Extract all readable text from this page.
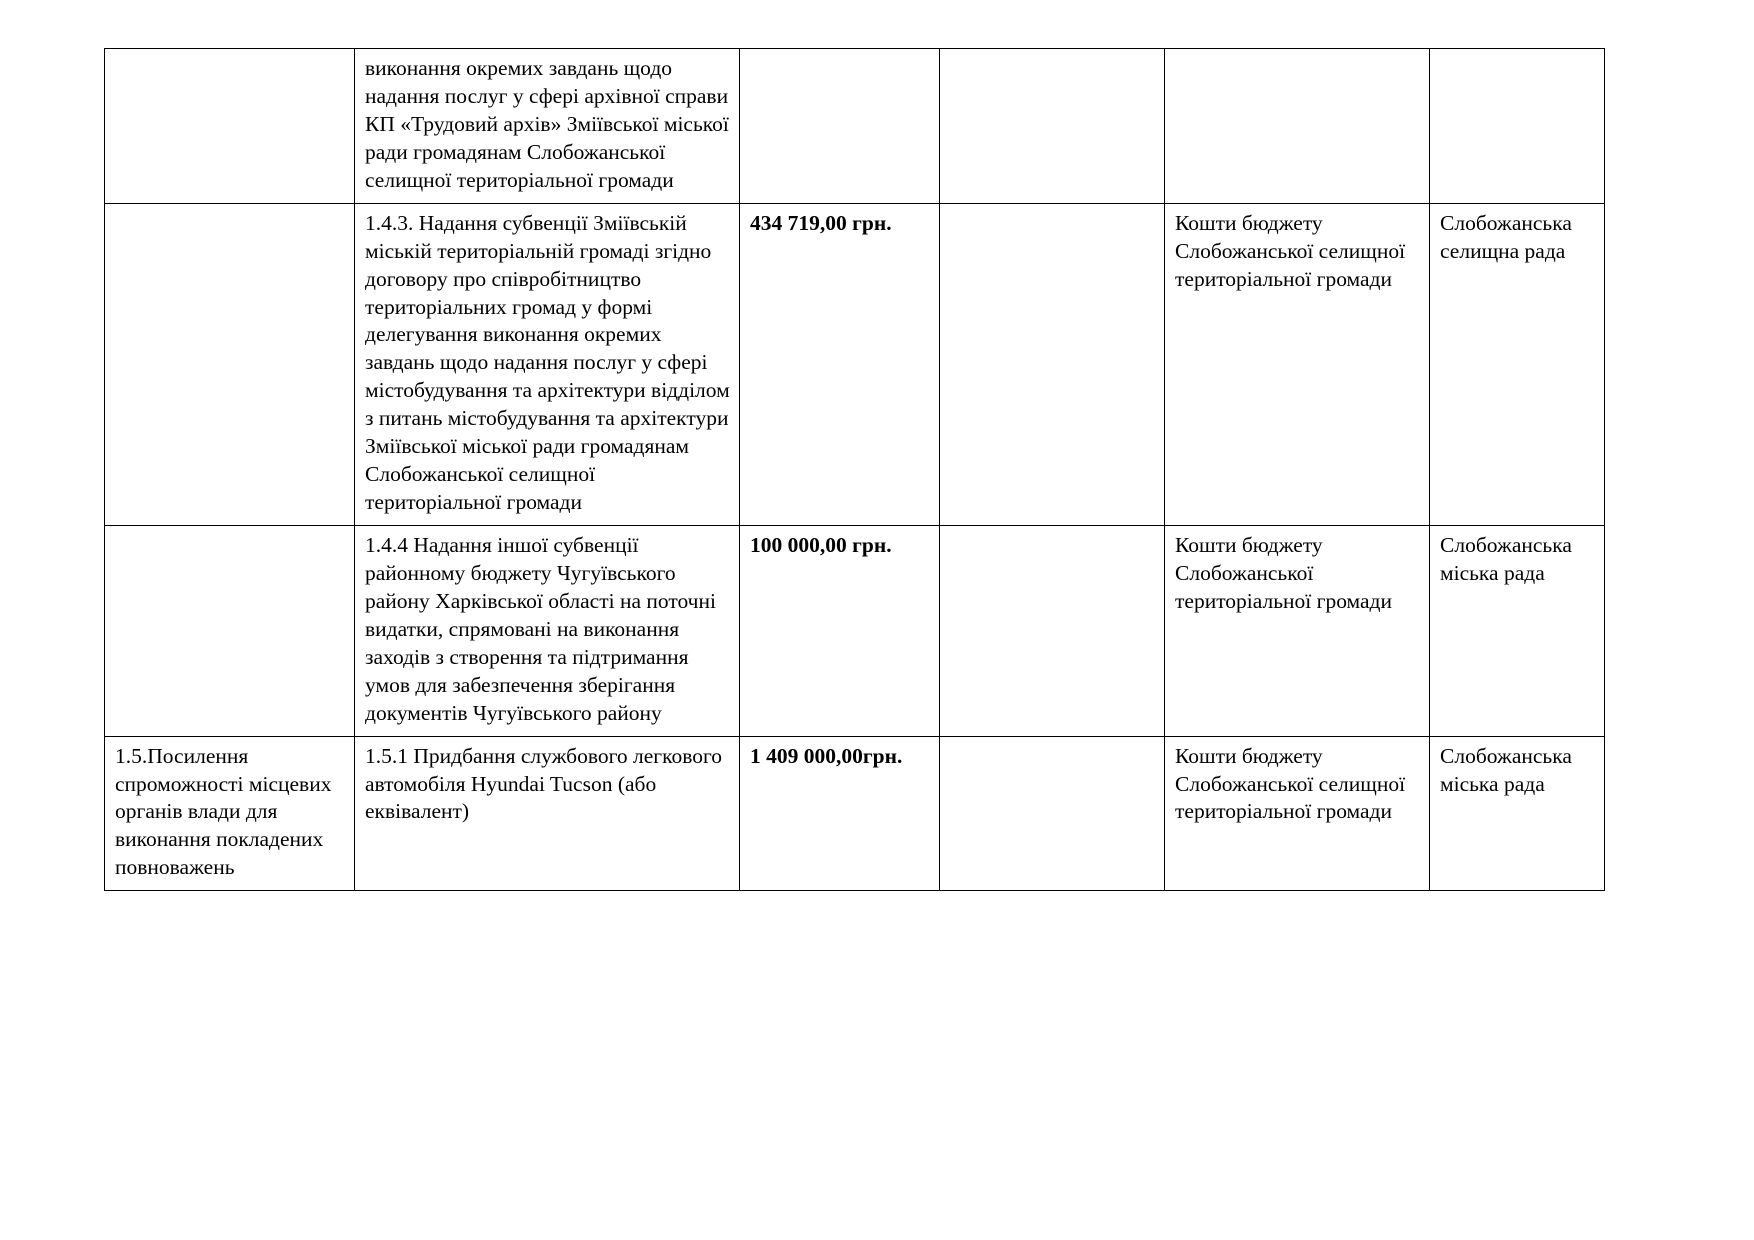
	виконання окремих завдань щодо надання послуг у сфері архівної справи КП «Трудовий архів» Зміївської міської ради громадянам Слобожанської селищної територіальної громади				

	1.4.3. Надання субвенції Зміївській міській територіальній громаді згідно договору про співробітництво територіальних громад у формі делегування виконання окремих завдань щодо надання послуг у сфері містобудування та архітектури відділом з питань містобудування та архітектури Зміївської міської ради громадянам Слобожанської селищної територіальної громади	434 719,00 грн.		Кошти бюджету Слобожанської селищної територіальної громади	Слобожанська селищна рада

	1.4.4 Надання іншої субвенції районному бюджету Чугуївського району Харківської області на поточні видатки, спрямовані на виконання заходів з створення та підтримання умов для забезпечення зберігання документів Чугуївського району	100 000,00 грн.		Кошти бюджету Слобожанської територіальної громади	Слобожанська міська рада

1.5.Посилення спроможності місцевих органів влади для виконання покладених повноважень	1.5.1 Придбання службового легкового автомобіля Hyundai Tucson (або еквівалент)	1 409 000,00грн.		Кошти бюджету Слобожанської селищної територіальної громади	Слобожанська міська рада
